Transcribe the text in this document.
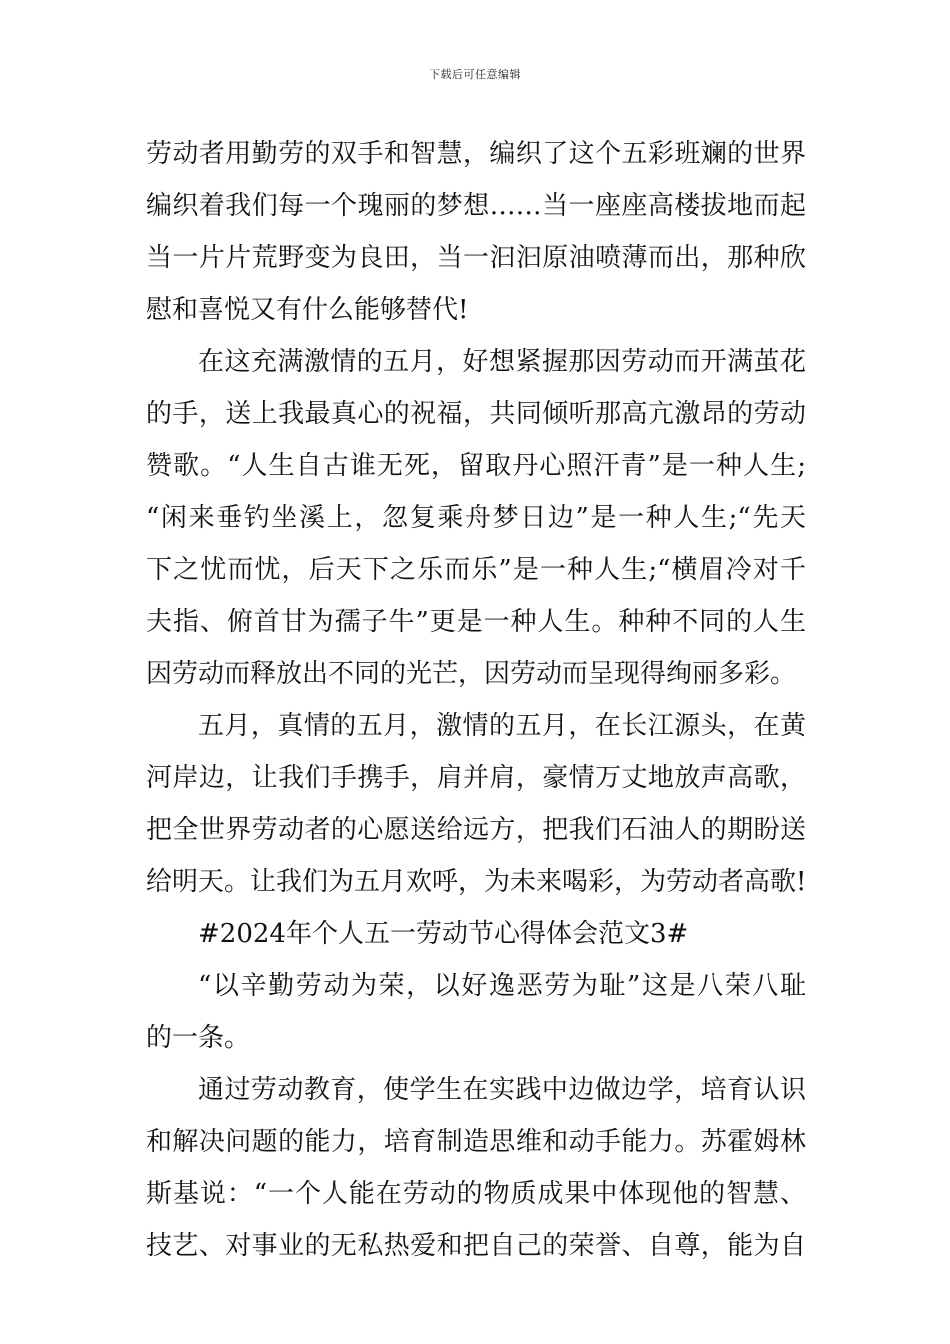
下载后可任意编辑
劳动者用勤劳的双手和智慧，编织了这个五彩班斓的世界
编织着我们每一个瑰丽的梦想……当一座座高楼拔地而起
当一片片荒野变为良田，当一汩汩原油喷薄而出，那种欣
慰和喜悦又有什么能够替代!
在这充满激情的五月，好想紧握那因劳动而开满茧花
的手，送上我最真心的祝福，共同倾听那高亢激昂的劳动
赞歌。“人生自古谁无死，留取丹心照汗青”是一种人生;
“闲来垂钓坐溪上，忽复乘舟梦日边”是一种人生;“先天
下之忧而忧，后天下之乐而乐”是一种人生;“横眉冷对千
夫指、俯首甘为孺子牛”更是一种人生。种种不同的人生
因劳动而释放出不同的光芒，因劳动而呈现得绚丽多彩。
五月，真情的五月，激情的五月，在长江源头，在黄
河岸边，让我们手携手，肩并肩，豪情万丈地放声高歌，
把全世界劳动者的心愿送给远方，把我们石油人的期盼送
给明天。让我们为五月欢呼，为未来喝彩，为劳动者高歌!
#2024年个人五一劳动节心得体会范文3#
“以辛勤劳动为荣，以好逸恶劳为耻”这是八荣八耻
的一条。
通过劳动教育，使学生在实践中边做边学，培育认识
和解决问题的能力，培育制造思维和动手能力。苏霍姆林
斯基说：“一个人能在劳动的物质成果中体现他的智慧、
技艺、对事业的无私热爱和把自己的荣誉、自尊，能为自
